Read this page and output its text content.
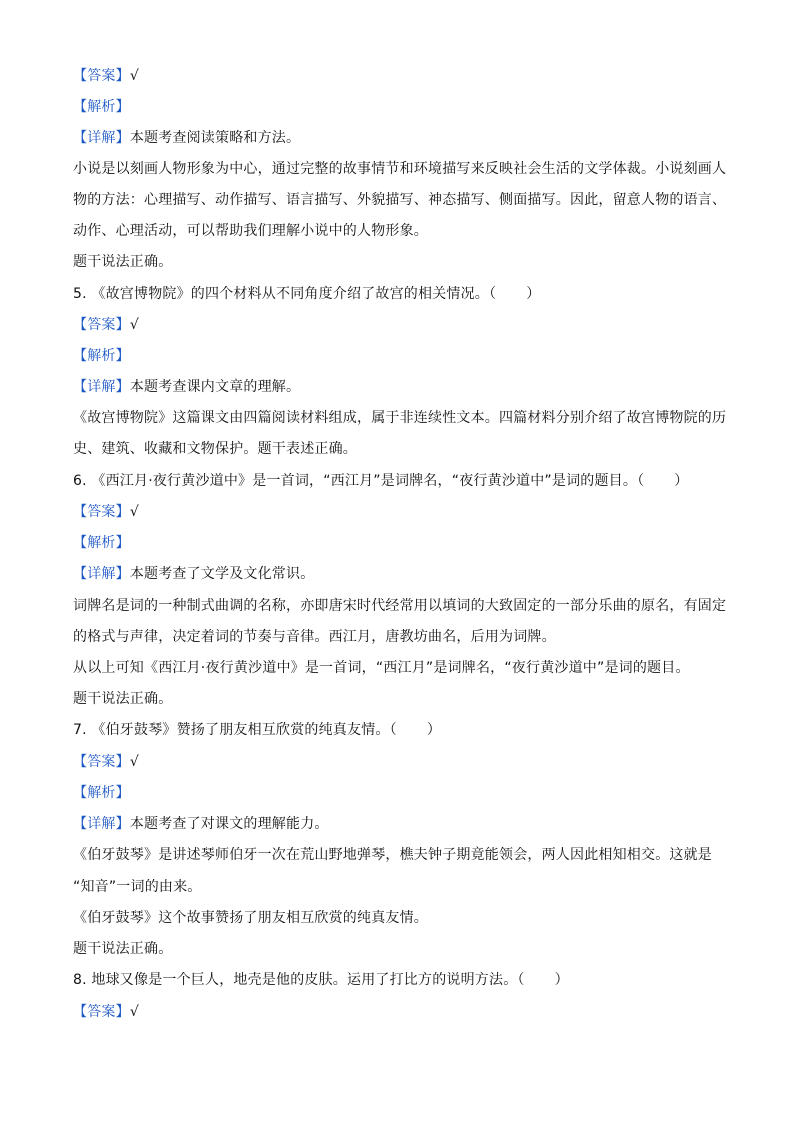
【答案】√
【解析】
【详解】本题考查阅读策略和方法。
小说是以刻画人物形象为中心，通过完整的故事情节和环境描写来反映社会生活的文学体裁。小说刻画人
物的方法：心理描写、动作描写、语言描写、外貌描写、神态描写、侧面描写。因此，留意人物的语言、
动作、心理活动，可以帮助我们理解小说中的人物形象。
题干说法正确。
5. 《故宫博物院》的四个材料从不同角度介绍了故宫的相关情况。（ ）
【答案】√
【解析】
【详解】本题考查课内文章的理解。
《故宫博物院》这篇课文由四篇阅读材料组成，属于非连续性文本。四篇材料分别介绍了故宫博物院的历
史、建筑、收藏和文物保护。题干表述正确。
6. 《西江月·夜行黄沙道中》是一首词，“西江月”是词牌名，“夜行黄沙道中”是词的题目。（ ）
【答案】√
【解析】
【详解】本题考查了文学及文化常识。
词牌名是词的一种制式曲调的名称，亦即唐宋时代经常用以填词的大致固定的一部分乐曲的原名，有固定
的格式与声律，决定着词的节奏与音律。西江月，唐教坊曲名，后用为词牌。
从以上可知《西江月·夜行黄沙道中》是一首词，“西江月”是词牌名，“夜行黄沙道中”是词的题目。
题干说法正确。
7. 《伯牙鼓琴》赞扬了朋友相互欣赏的纯真友情。（ ）
【答案】√
【解析】
【详解】本题考查了对课文的理解能力。
《伯牙鼓琴》是讲述琴师伯牙一次在荒山野地弹琴，樵夫钟子期竟能领会，两人因此相知相交。这就是
“知音”一词的由来。
《伯牙鼓琴》这个故事赞扬了朋友相互欣赏的纯真友情。
题干说法正确。
8. 地球又像是一个巨人，地壳是他的皮肤。运用了打比方的说明方法。（ ）
【答案】√
